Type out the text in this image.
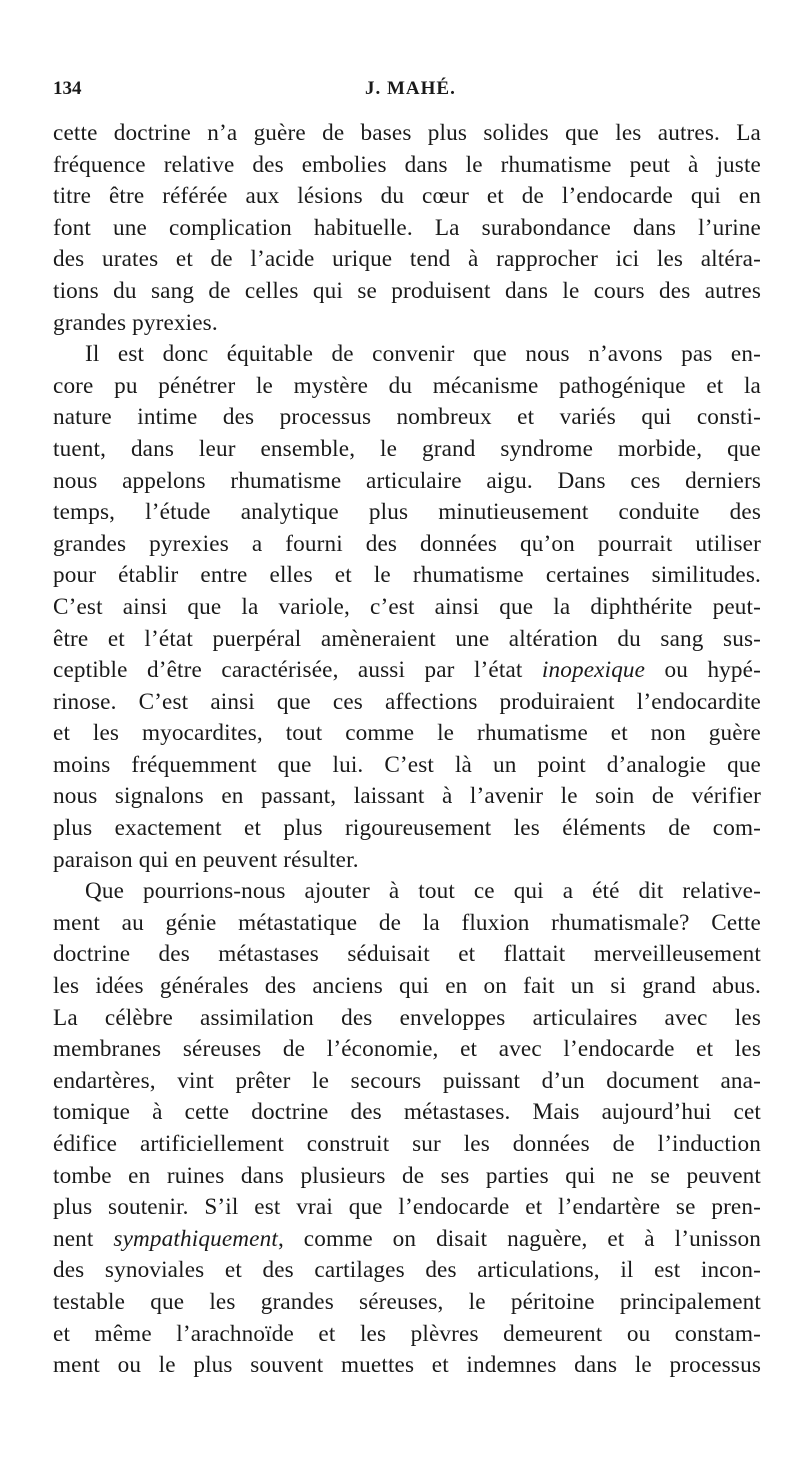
134	J. MAHÉ.
cette doctrine n’a guère de bases plus solides que les autres. La
fréquence relative des embolies dans le rhumatisme peut à juste
titre être référée aux lésions du cœur et de l’endocarde qui en
font une complication habituelle. La surabondance dans l’urine
des urates et de l’acide urique tend à rapprocher ici les altéra-
tions du sang de celles qui se produisent dans le cours des autres
grandes pyrexies.
Il est donc équitable de convenir que nous n’avons pas en-
core pu pénétrer le mystère du mécanisme pathogénique et la
nature intime des processus nombreux et variés qui consti-
tuent, dans leur ensemble, le grand syndrome morbide, que
nous appelons rhumatisme articulaire aigu. Dans ces derniers
temps, l’étude analytique plus minutieusement conduite des
grandes pyrexies a fourni des données qu’on pourrait utiliser
pour établir entre elles et le rhumatisme certaines similitudes.
C’est ainsi que la variole, c’est ainsi que la diphthérite peut-
être et l’état puerpéral amèneraient une altération du sang sus-
ceptible d’être caractérisée, aussi par l’état inopexique ou hypé-
rinose. C’est ainsi que ces affections produiraient l’endocardite
et les myocardites, tout comme le rhumatisme et non guère
moins fréquemment que lui. C’est là un point d’analogie que
nous signalons en passant, laissant à l’avenir le soin de vérifier
plus exactement et plus rigoureusement les éléments de com-
paraison qui en peuvent résulter.
Que pourrions-nous ajouter à tout ce qui a été dit relative-
ment au génie métastatique de la fluxion rhumatismale? Cette
doctrine des métastases séduisait et flattait merveilleusement
les idées générales des anciens qui en on fait un si grand abus.
La célèbre assimilation des enveloppes articulaires avec les
membranes séreuses de l’économie, et avec l’endocarde et les
endartères, vint prêter le secours puissant d’un document ana-
tomique à cette doctrine des métastases. Mais aujourd’hui cet
édifice artificiellement construit sur les données de l’induction
tombe en ruines dans plusieurs de ses parties qui ne se peuvent
plus soutenir. S’il est vrai que l’endocarde et l’endartère se pren-
nent sympathiquement, comme on disait naguère, et à l’unisson
des synoviales et des cartilages des articulations, il est incon-
testable que les grandes séreuses, le péritoine principalement
et même l’arachnoïde et les plèvres demeurent ou constam-
ment ou le plus souvent muettes et indemnes dans le processus
